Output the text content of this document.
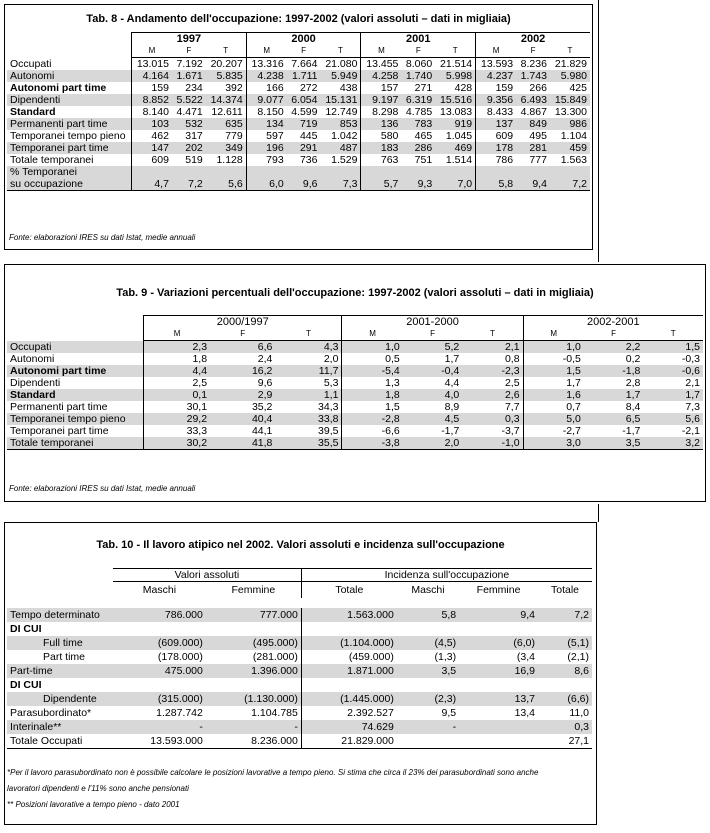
Tab. 8 - Andamento dell'occupazione: 1997-2002 (valori assoluti – dati in migliaia)
	1997			2000			2001			2002		
	M	F	T	M	F	T	M	F	T	M	F	T
Occupati	13.015	7.192	20.207	13.316	7.664	21.080	13.455	8.060	21.514	13.593	8.236	21.829
Autonomi	4.164	1.671	5.835	4.238	1.711	5.949	4.258	1.740	5.998	4.237	1.743	5.980
Autonomi part time	159	234	392	166	272	438	157	271	428	159	266	425
Dipendenti	8.852	5.522	14.374	9.077	6.054	15.131	9.197	6.319	15.516	9.356	6.493	15.849
Standard	8.140	4.471	12.611	8.150	4.599	12.749	8.298	4.785	13.083	8.433	4.867	13.300
Permanenti part time	103	532	635	134	719	853	136	783	919	137	849	986
Temporanei tempo pieno	462	317	779	597	445	1.042	580	465	1.045	609	495	1.104
Temporanei part time	147	202	349	196	291	487	183	286	469	178	281	459
Totale temporanei	609	519	1.128	793	736	1.529	763	751	1.514	786	777	1.563
% Temporanei												
su occupazione	4,7	7,2	5,6	6,0	9,6	7,3	5,7	9,3	7,0	5,8	9,4	7,2

Fonte: elaborazioni IRES su dati Istat, medie annuali
Tab. 9 - Variazioni percentuali dell'occupazione: 1997-2002 (valori assoluti – dati in migliaia)
	2000/1997			2001-2000			2002-2001		
	M	F	T	M	F	T	M	F	T
Occupati	2,3	6,6	4,3	1,0	5,2	2,1	1,0	2,2	1,5
Autonomi	1,8	2,4	2,0	0,5	1,7	0,8	-0,5	0,2	-0,3
Autonomi part time	4,4	16,2	11,7	-5,4	-0,4	-2,3	1,5	-1,8	-0,6
Dipendenti	2,5	9,6	5,3	1,3	4,4	2,5	1,7	2,8	2,1
Standard	0,1	2,9	1,1	1,8	4,0	2,6	1,6	1,7	1,7
Permanenti part time	30,1	35,2	34,3	1,5	8,9	7,7	0,7	8,4	7,3
Temporanei tempo pieno	29,2	40,4	33,8	-2,8	4,5	0,3	5,0	6,5	5,6
Temporanei part time	33,3	44,1	39,5	-6,6	-1,7	-3,7	-2,7	-1,7	-2,1
Totale temporanei	30,2	41,8	35,5	-3,8	2,0	-1,0	3,0	3,5	3,2

Fonte: elaborazioni IRES su dati Istat, medie annuali
Tab. 10 - Il lavoro atipico nel 2002. Valori assoluti e incidenza sull'occupazione
	Valori assoluti		Incidenza sull'occupazione			
	Maschi	Femmine	Totale	Maschi	Femmine	Totale

Tempo determinato	786.000	777.000	1.563.000	5,8	9,4	7,2
DI CUI						
Full time	(609.000)	(495.000)	(1.104.000)	(4,5)	(6,0)	(5,1)
Part time	(178.000)	(281.000)	(459.000)	(1,3)	(3,4	(2,1)
Part-time	475.000	1.396.000	1.871.000	3,5	16,9	8,6
DI CUI						
Dipendente	(315.000)	(1.130.000)	(1.445.000)	(2,3)	13,7	(6,6)
Parasubordinato*	1.287.742	1.104.785	2.392.527	9,5	13,4	11,0
Interinale**	-	-	74.629	-		0,3
Totale Occupati	13.593.000	8.236.000	21.829.000			27,1

*Per il lavoro parasubordinato non è possibile calcolare le posizioni lavorative a tempo pieno. Si stima che circa il 23% dei parasubordinati sono anche
lavoratori dipendenti e l'11% sono anche pensionati
** Posizioni lavorative a tempo pieno - dato 2001
